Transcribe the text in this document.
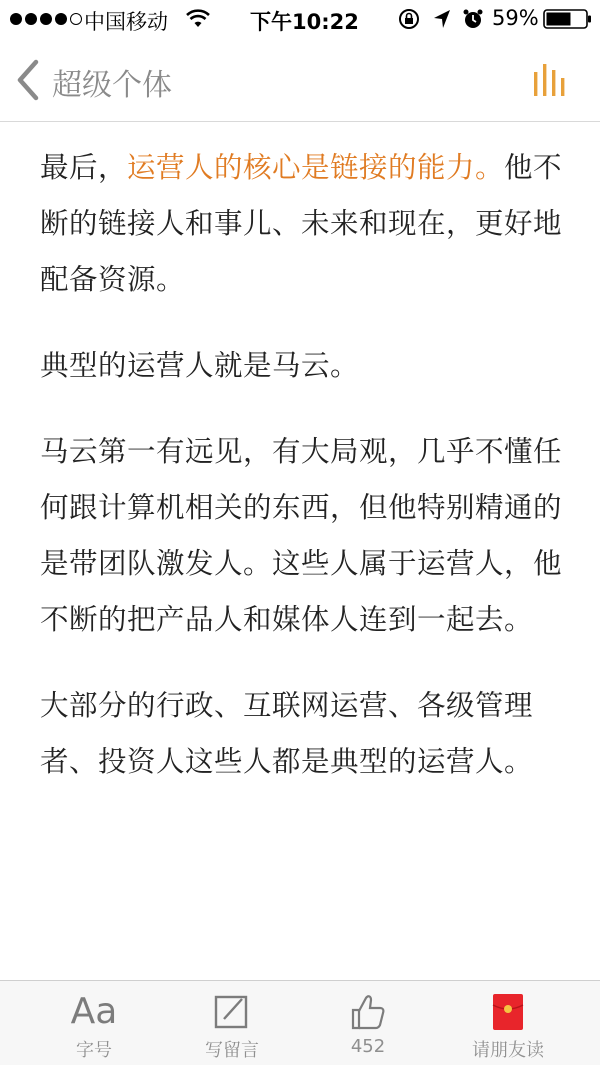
中国移动	下午10:22	59%
超级个体

最后，运营人的核心是链接的能力。他不断的链接人和事儿、未来和现在，更好地配备资源。

典型的运营人就是马云。

马云第一有远见，有大局观，几乎不懂任何跟计算机相关的东西，但他特别精通的是带团队激发人。这些人属于运营人，他不断的把产品人和媒体人连到一起去。

大部分的行政、互联网运营、各级管理者、投资人这些人都是典型的运营人。

Aa
字号	写留言	452	请朋友读
